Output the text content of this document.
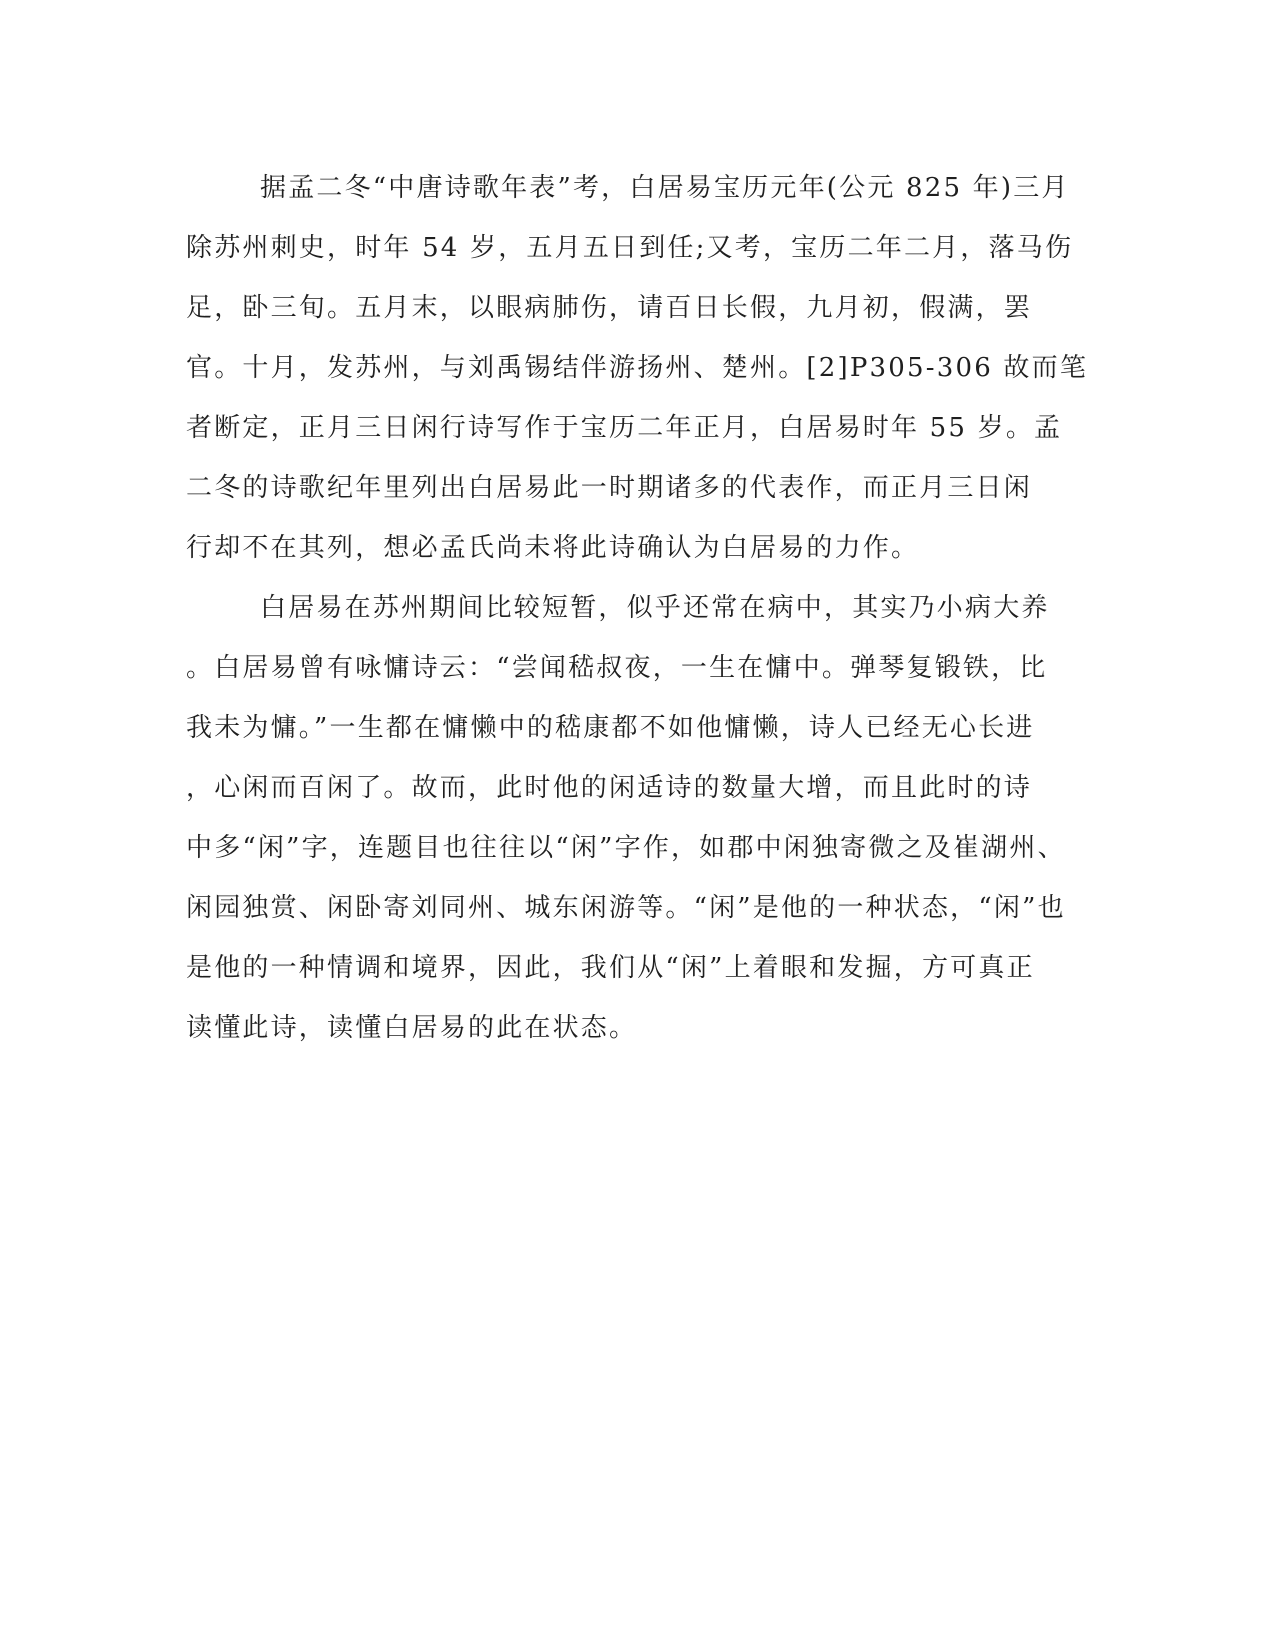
据孟二冬“中唐诗歌年表”考，白居易宝历元年(公元 825 年)三月
除苏州刺史，时年 54 岁，五月五日到任;又考，宝历二年二月，落马伤
足，卧三旬。五月末，以眼病肺伤，请百日长假，九月初，假满，罢
官。十月，发苏州，与刘禹锡结伴游扬州、楚州。[2]P305-306 故而笔
者断定，正月三日闲行诗写作于宝历二年正月，白居易时年 55 岁。孟
二冬的诗歌纪年里列出白居易此一时期诸多的代表作，而正月三日闲
行却不在其列，想必孟氏尚未将此诗确认为白居易的力作。
白居易在苏州期间比较短暂，似乎还常在病中，其实乃小病大养
。白居易曾有咏慵诗云：“尝闻嵇叔夜，一生在慵中。弹琴复锻铁，比
我未为慵。”一生都在慵懒中的嵇康都不如他慵懒，诗人已经无心长进
，心闲而百闲了。故而，此时他的闲适诗的数量大增，而且此时的诗
中多“闲”字，连题目也往往以“闲”字作，如郡中闲独寄微之及崔湖州、
闲园独赏、闲卧寄刘同州、城东闲游等。“闲”是他的一种状态，“闲”也
是他的一种情调和境界，因此，我们从“闲”上着眼和发掘，方可真正
读懂此诗，读懂白居易的此在状态。
